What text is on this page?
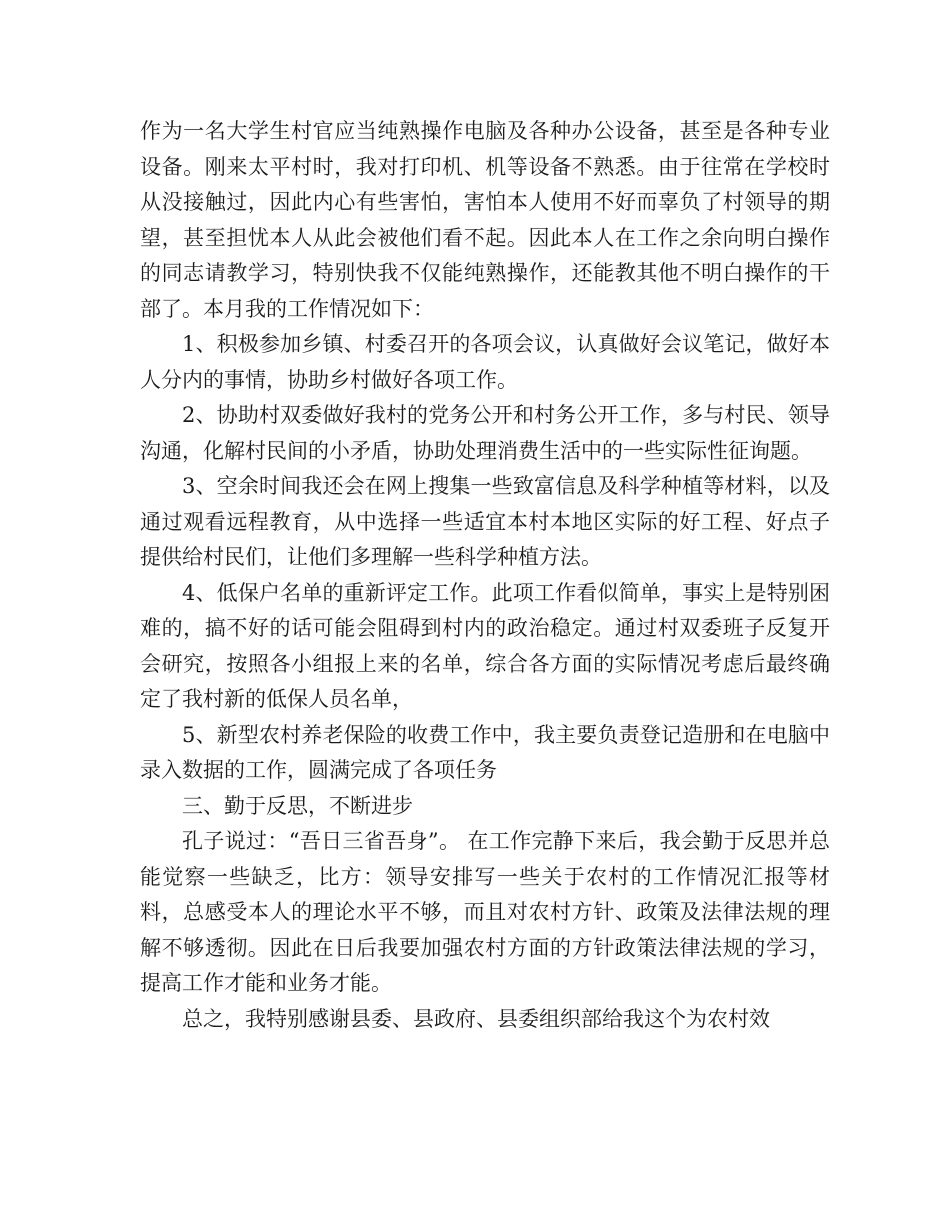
作为一名大学生村官应当纯熟操作电脑及各种办公设备，甚至是各种专业设备。刚来太平村时，我对打印机、机等设备不熟悉。由于往常在学校时从没接触过，因此内心有些害怕，害怕本人使用不好而辜负了村领导的期望，甚至担忧本人从此会被他们看不起。因此本人在工作之余向明白操作的同志请教学习，特别快我不仅能纯熟操作，还能教其他不明白操作的干部了。本月我的工作情况如下：

1、积极参加乡镇、村委召开的各项会议，认真做好会议笔记，做好本人分内的事情，协助乡村做好各项工作。

2、协助村双委做好我村的党务公开和村务公开工作，多与村民、领导沟通，化解村民间的小矛盾，协助处理消费生活中的一些实际性征询题。

3、空余时间我还会在网上搜集一些致富信息及科学种植等材料，以及通过观看远程教育，从中选择一些适宜本村本地区实际的好工程、好点子提供给村民们，让他们多理解一些科学种植方法。

4、低保户名单的重新评定工作。此项工作看似简单，事实上是特别困难的，搞不好的话可能会阻碍到村内的政治稳定。通过村双委班子反复开会研究，按照各小组报上来的名单，综合各方面的实际情况考虑后最终确定了我村新的低保人员名单，

5、新型农村养老保险的收费工作中，我主要负责登记造册和在电脑中录入数据的工作，圆满完成了各项任务

三、勤于反思，不断进步

孔子说过：“吾日三省吾身”。 在工作完静下来后，我会勤于反思并总能觉察一些缺乏，比方：领导安排写一些关于农村的工作情况汇报等材料，总感受本人的理论水平不够，而且对农村方针、政策及法律法规的理解不够透彻。因此在日后我要加强农村方面的方针政策法律法规的学习，提高工作才能和业务才能。

总之，我特别感谢县委、县政府、县委组织部给我这个为农村效
